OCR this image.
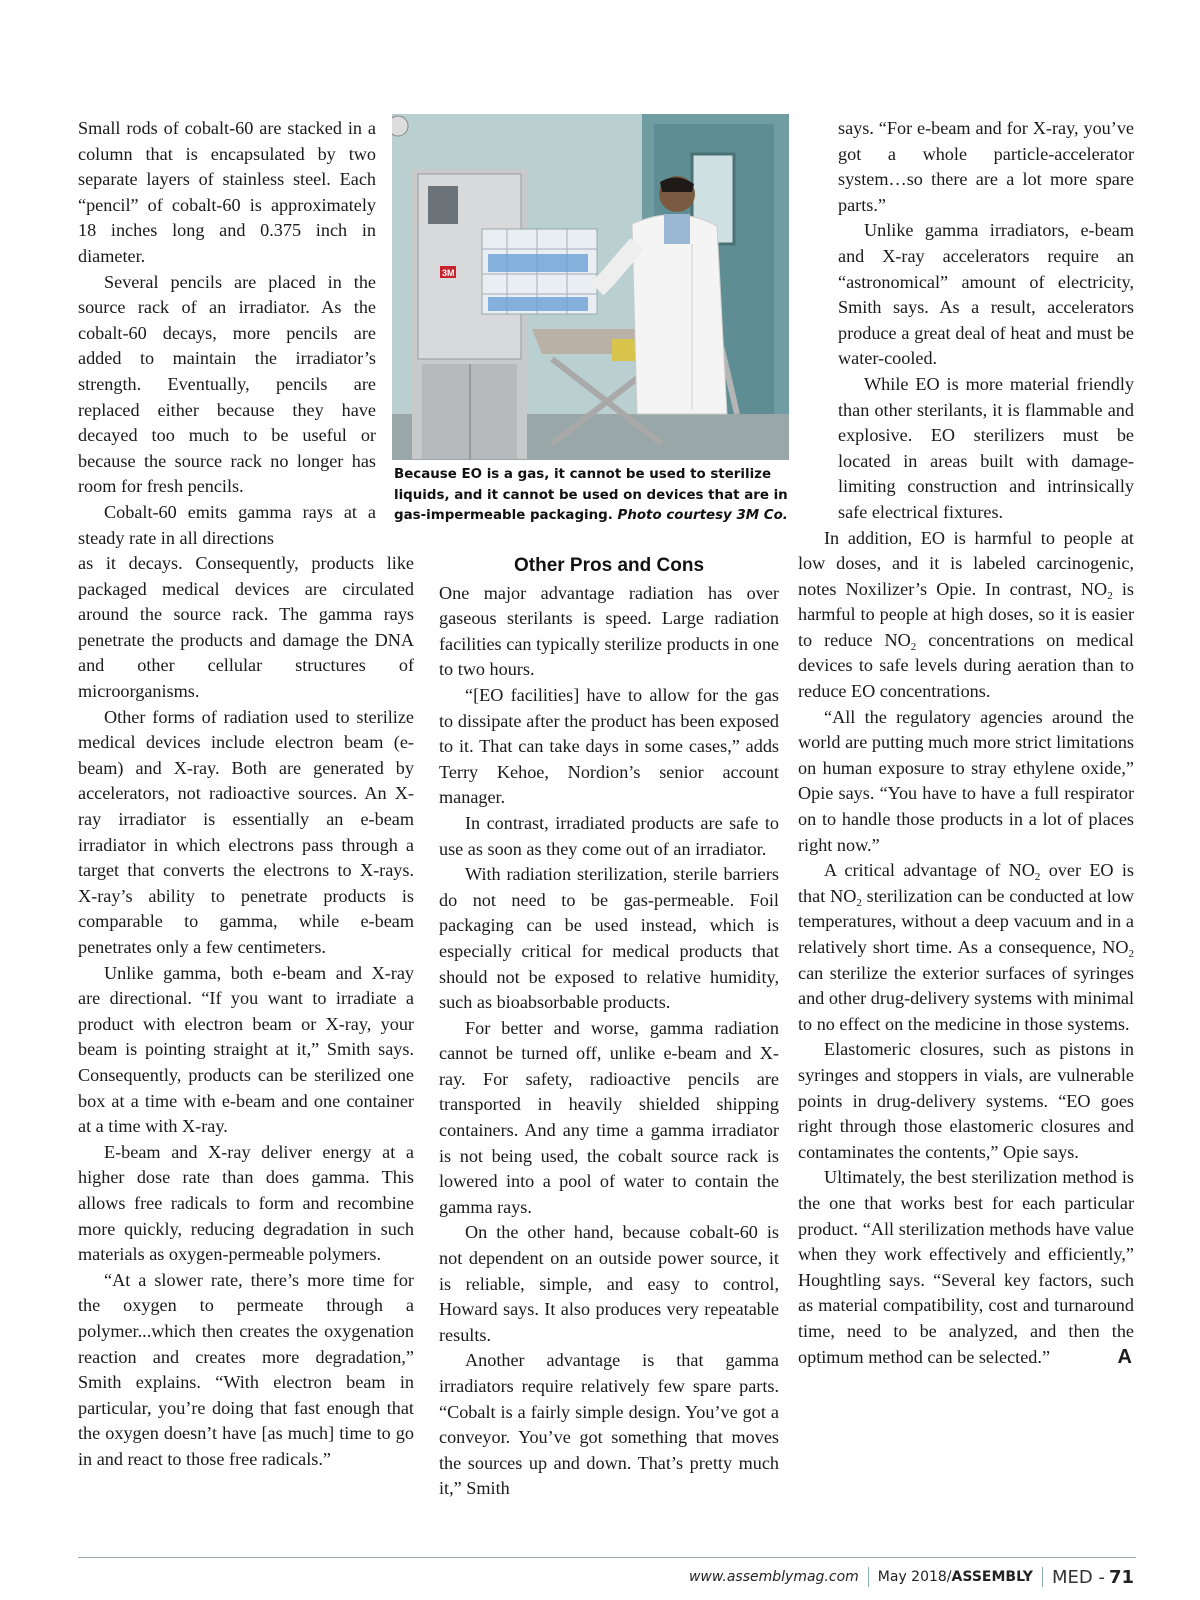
Small rods of cobalt-60 are stacked in a column that is encapsulated by two separate layers of stainless steel. Each “pencil” of cobalt-60 is approximately 18 inches long and 0.375 inch in diameter.

Several pencils are placed in the source rack of an irradiator. As the cobalt-60 decays, more pencils are added to maintain the irradiator’s strength. Eventually, pencils are replaced either because they have decayed too much to be useful or because the source rack no longer has room for fresh pencils.

Cobalt-60 emits gamma rays at a steady rate in all directions

as it decays. Consequently, products like packaged medical devices are circulated around the source rack. The gamma rays penetrate the products and damage the DNA and other cellular structures of microorganisms.

Other forms of radiation used to sterilize medical devices include electron beam (e-beam) and X-ray. Both are generated by accelerators, not radioactive sources. An X-ray irradiator is essentially an e-beam irradiator in which electrons pass through a target that converts the electrons to X-rays. X-ray’s ability to penetrate products is comparable to gamma, while e-beam penetrates only a few centimeters.

Unlike gamma, both e-beam and X-ray are directional. “If you want to irradiate a product with electron beam or X-ray, your beam is pointing straight at it,” Smith says. Consequently, products can be sterilized one box at a time with e-beam and one container at a time with X-ray.

E-beam and X-ray deliver energy at a higher dose rate than does gamma. This allows free radicals to form and recombine more quickly, reducing degradation in such materials as oxygen-permeable polymers.

“At a slower rate, there’s more time for the oxygen to permeate through a polymer...which then creates the oxygenation reaction and creates more degradation,” Smith explains. “With electron beam in particular, you’re doing that fast enough that the oxygen doesn’t have [as much] time to go in and react to those free radicals.”

3M
Because EO is a gas, it cannot be used to sterilize liquids, and it cannot be used on devices that are in gas-impermeable packaging. Photo courtesy 3M Co.
Other Pros and Cons

One major advantage radiation has over gaseous sterilants is speed. Large radiation facilities can typically sterilize products in one to two hours.

“[EO facilities] have to allow for the gas to dissipate after the product has been exposed to it. That can take days in some cases,” adds Terry Kehoe, Nordion’s senior account manager.

In contrast, irradiated products are safe to use as soon as they come out of an irradiator.

With radiation sterilization, sterile barriers do not need to be gas-permeable. Foil packaging can be used instead, which is especially critical for medical products that should not be exposed to relative humidity, such as bioabsorbable products.

For better and worse, gamma radiation cannot be turned off, unlike e-beam and X-ray. For safety, radioactive pencils are transported in heavily shielded shipping containers. And any time a gamma irradiator is not being used, the cobalt source rack is lowered into a pool of water to contain the gamma rays.

On the other hand, because cobalt-60 is not dependent on an outside power source, it is reliable, simple, and easy to control, Howard says. It also produces very repeatable results.

Another advantage is that gamma irradiators require relatively few spare parts. “Cobalt is a fairly simple design. You’ve got a conveyor. You’ve got something that moves the sources up and down. That’s pretty much it,” Smith

says. “For e-beam and for X-ray, you’ve got a whole particle-accelerator system…so there are a lot more spare parts.”

Unlike gamma irradiators, e-beam and X-ray accelerators require an “astronomical” amount of electricity, Smith says. As a result, accelerators produce a great deal of heat and must be water-cooled.

While EO is more material friendly than other sterilants, it is flammable and explosive. EO sterilizers must be located in areas built with damage-limiting construction and intrinsically safe electrical fixtures.

In addition, EO is harmful to people at low doses, and it is labeled carcinogenic, notes Noxilizer’s Opie. In contrast, $NO_2$ is harmful to people at high doses, so it is easier to reduce $NO_2$ concentrations on medical devices to safe levels during aeration than to reduce EO concentrations.

“All the regulatory agencies around the world are putting much more strict limitations on human exposure to stray ethylene oxide,” Opie says. “You have to have a full respirator on to handle those products in a lot of places right now.”

A critical advantage of $NO_2$ over EO is that $NO_2$ sterilization can be conducted at low temperatures, without a deep vacuum and in a relatively short time. As a consequence, $NO_2$ can sterilize the exterior surfaces of syringes and other drug-delivery systems with minimal to no effect on the medicine in those systems.

Elastomeric closures, such as pistons in syringes and stoppers in vials, are vulnerable points in drug-delivery systems. “EO goes right through those elastomeric closures and contaminates the contents,” Opie says.

Ultimately, the best sterilization method is the one that works best for each particular product. “All sterilization methods have value when they work effectively and efficiently,” Houghtling says. “Several key factors, such as material compatibility, cost and turnaround time, need to be analyzed, and then the optimum method can be selected.”	A

www.assemblymag.com May 2018/ ASSEMBLY MED - 71
